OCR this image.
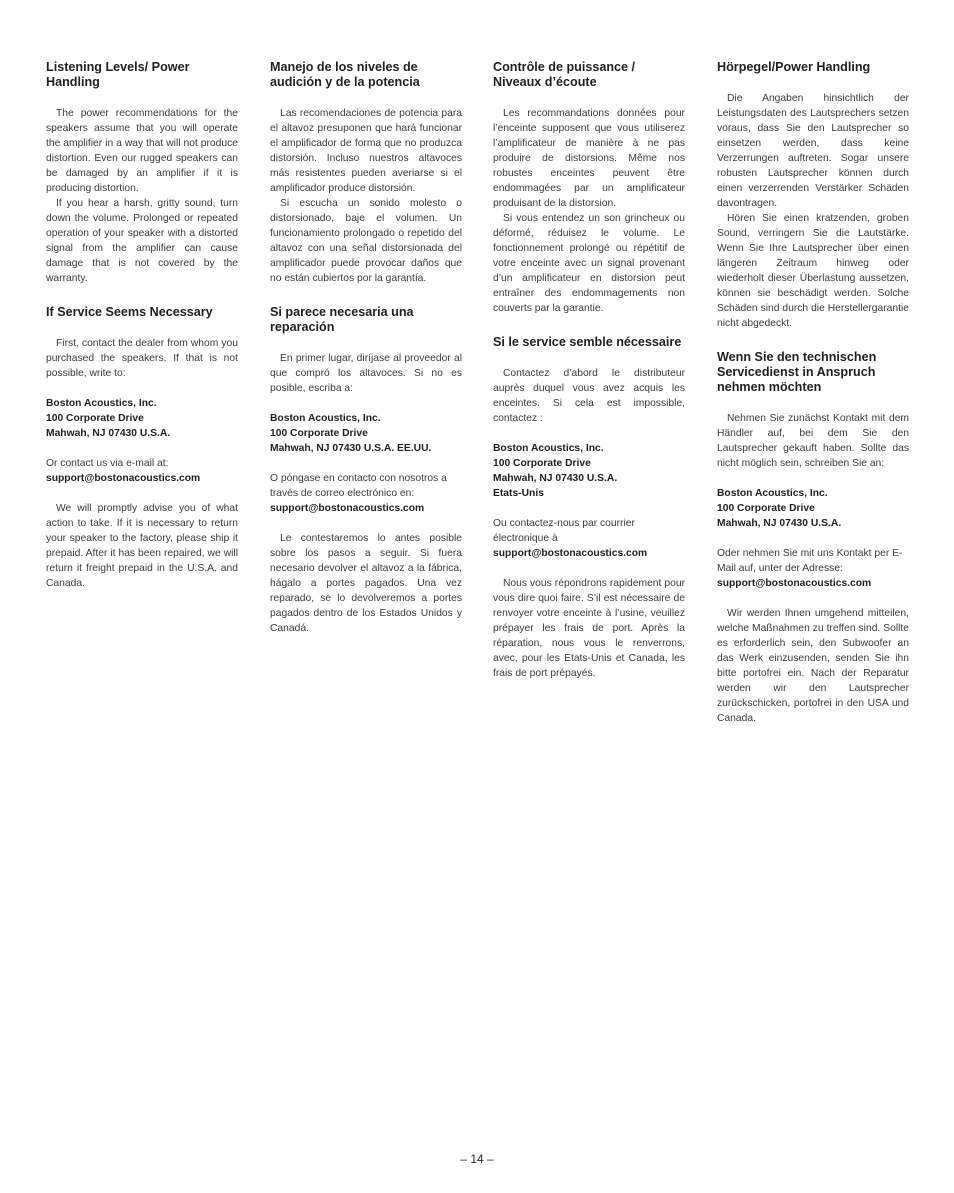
Listening Levels/ Power Handling

The power recommendations for the speakers assume that you will operate the amplifier in a way that will not produce distortion. Even our rugged speakers can be damaged by an amplifier if it is producing distortion.

If you hear a harsh, gritty sound, turn down the volume. Prolonged or repeated operation of your speaker with a distorted signal from the amplifier can cause damage that is not covered by the warranty.

If Service Seems Necessary

First, contact the dealer from whom you purchased the speakers. If that is not possible, write to:

Boston Acoustics, Inc.
100 Corporate Drive
Mahwah, NJ 07430 U.S.A.

Or contact us via e-mail at:

support@bostonacoustics.com

We will promptly advise you of what action to take. If it is necessary to return your speaker to the factory, please ship it prepaid. After it has been repaired, we will return it freight prepaid in the U.S.A. and Canada.

Manejo de los niveles de audición y de la potencia

Las recomendaciones de potencia para el altavoz presuponen que hará funcionar el amplificador de forma que no produzca distorsión. Incluso nuestros altavoces más resistentes pueden averiarse si el amplificador produce distorsión.

Si escucha un sonido molesto o distorsionado, baje el volumen. Un funcionamiento prolongado o repetido del altavoz con una señal distorsionada del amplificador puede provocar daños que no están cubiertos por la garantía.

Si parece necesaria una reparación

En primer lugar, diríjase al proveedor al que compró los altavoces. Si no es posible, escriba a:

Boston Acoustics, Inc.
100 Corporate Drive
Mahwah, NJ 07430 U.S.A. EE.UU.

O póngase en contacto con nosotros a través de correo electrónico en:

support@bostonacoustics.com

Le contestaremos lo antes posible sobre los pasos a seguir. Si fuera necesario devolver el altavoz a la fábrica, hágalo a portes pagados. Una vez reparado, se lo devolveremos a portes pagados dentro de los Estados Unidos y Canadá.

Contrôle de puissance / Niveaux d’écoute

Les recommandations données pour l’enceinte supposent que vous utiliserez l’amplificateur de manière à ne pas produire de distorsions. Même nos robustes enceintes peuvent être endommagées par un amplificateur produisant de la distorsion.

Si vous entendez un son grincheux ou déformé, réduisez le volume. Le fonctionnement prolongé ou répétitif de votre enceinte avec un signal provenant d’un amplificateur en distorsion peut entraîner des endommagements non couverts par la garantie.

Si le service semble nécessaire

Contactez d’abord le distributeur auprès duquel vous avez acquis les enceintes. Si cela est impossible, contactez :

Boston Acoustics, Inc.
100 Corporate Drive
Mahwah, NJ 07430 U.S.A.
Etats-Unis

Ou contactez-nous par courrier électronique à

support@bostonacoustics.com

Nous vous répondrons rapidement pour vous dire quoi faire. S’il est nécessaire de renvoyer votre enceinte à l’usine, veuillez prépayer les frais de port. Après la réparation, nous vous le renverrons, avec, pour les Etats-Unis et Canada, les frais de port prépayés.

Hörpegel/Power Handling

Die Angaben hinsichtlich der Leistungsdaten des Lautsprechers setzen voraus, dass Sie den Lautsprecher so einsetzen werden, dass keine Verzerrungen auftreten. Sogar unsere robusten Lautsprecher können durch einen verzerrenden Verstärker Schäden davontragen.

Hören Sie einen kratzenden, groben Sound, verringern Sie die Lautstärke. Wenn Sie Ihre Lautsprecher über einen längeren Zeitraum hinweg oder wiederholt dieser Überlastung aussetzen, können sie beschädigt werden. Solche Schäden sind durch die Herstellergarantie nicht abgedeckt.

Wenn Sie den technischen Servicedienst in Anspruch nehmen möchten

Nehmen Sie zunächst Kontakt mit dem Händler auf, bei dem Sie den Lautsprecher gekauft haben. Sollte das nicht möglich sein, schreiben Sie an:

Boston Acoustics, Inc.
100 Corporate Drive
Mahwah, NJ 07430 U.S.A.

Oder nehmen Sie mit uns Kontakt per E-Mail auf, unter der Adresse:

support@bostonacoustics.com

Wir werden Ihnen umgehend mitteilen, welche Maßnahmen zu treffen sind. Sollte es erforderlich sein, den Subwoofer an das Werk einzusenden, senden Sie ihn bitte portofrei ein. Nach der Reparatur werden wir den Lautsprecher zurückschicken, portofrei in den USA und Canada.

– 14 –
